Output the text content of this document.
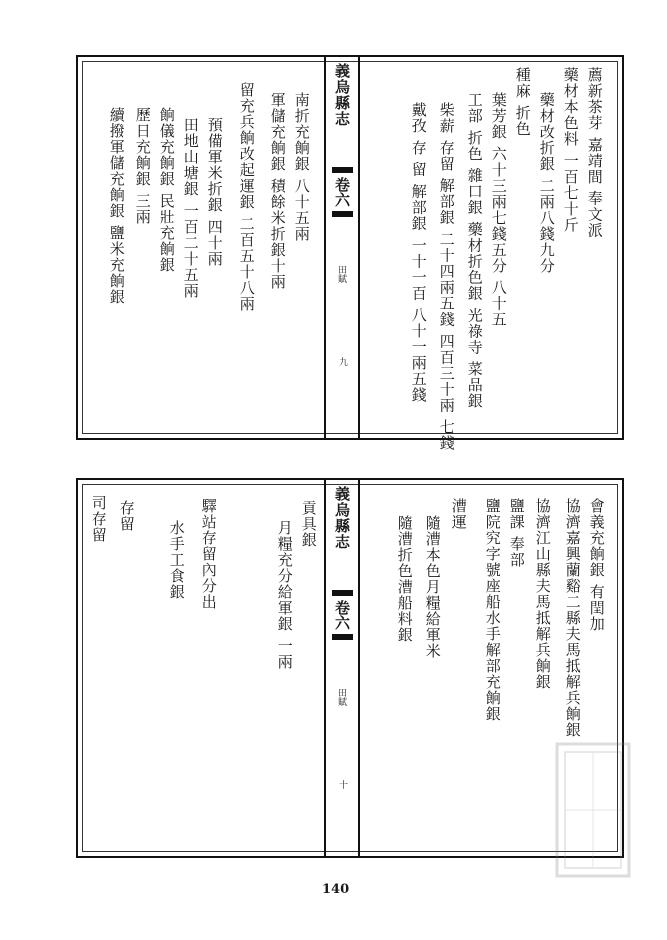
義烏縣志
卷六
田賦
九
薦新茶芽 嘉靖間 奉文派
藥材本色料 一百七十斤
藥材改折銀 二兩八錢九分
種麻 折色
葉芳銀 六十三兩七錢五分 八十五
工部 折色 雜口銀 藥材折色銀 光祿寺 菜品銀
柴薪 存留 解部銀 二十四兩五錢 四百三十兩 七錢
戴孜 存 留 解部銀 一十一百 八十一兩五錢
南折充餉銀 八十五兩
軍儲充餉銀 積餘米折銀十兩
留充兵餉改起運銀 二百五十八兩
預備軍米折銀 四十兩
田地山塘銀 一百二十五兩
餉儀充餉銀 民壯充餉銀
歷日充餉銀 三兩
續撥軍儲充餉銀 鹽米充餉銀
義烏縣志
卷六
田賦
十
會義充餉銀 有閏加
協濟嘉興蘭谿二縣夫馬抵解兵餉銀
協濟江山縣夫馬抵解兵餉銀
鹽課 奉部
鹽院究字號座船水手解部充餉銀
漕運
隨漕本色月糧給軍米
隨漕折色漕船料銀
貢具銀
月糧充分給軍銀 一兩
驛站存留內分出
水手工食銀
存留
司存留
140
